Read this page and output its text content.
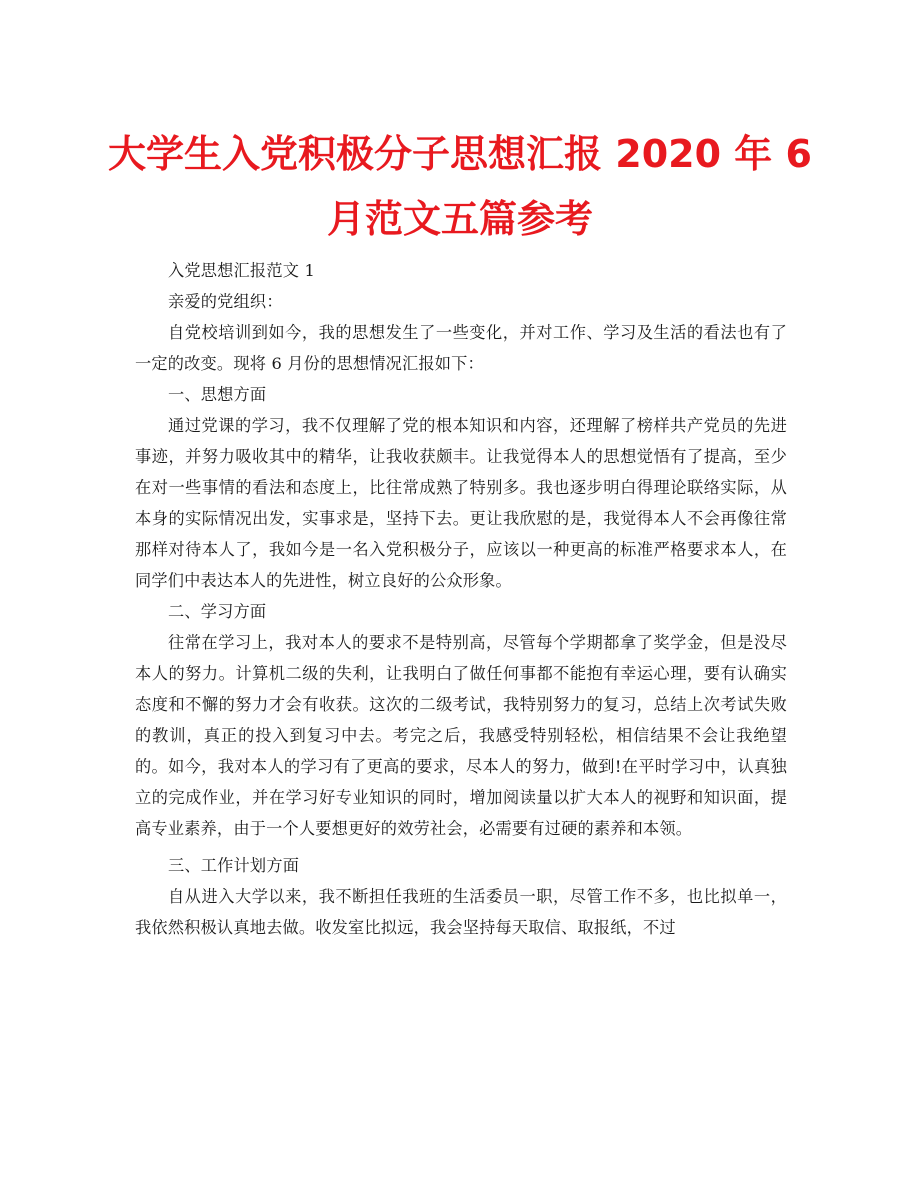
大学生入党积极分子思想汇报 2020 年 6
月范文五篇参考

入党思想汇报范文 1

亲爱的党组织：

自党校培训到如今，我的思想发生了一些变化，并对工作、学习及生活的看法也有了一定的改变。现将 6 月份的思想情况汇报如下：

一、思想方面

通过党课的学习，我不仅理解了党的根本知识和内容，还理解了榜样共产党员的先进事迹，并努力吸收其中的精华，让我收获颇丰。让我觉得本人的思想觉悟有了提高，至少在对一些事情的看法和态度上，比往常成熟了特别多。我也逐步明白得理论联络实际，从本身的实际情况出发，实事求是，坚持下去。更让我欣慰的是，我觉得本人不会再像往常那样对待本人了，我如今是一名入党积极分子，应该以一种更高的标准严格要求本人，在同学们中表达本人的先进性，树立良好的公众形象。

二、学习方面

往常在学习上，我对本人的要求不是特别高，尽管每个学期都拿了奖学金，但是没尽本人的努力。计算机二级的失利，让我明白了做任何事都不能抱有幸运心理，要有认确实态度和不懈的努力才会有收获。这次的二级考试，我特别努力的复习，总结上次考试失败的教训，真正的投入到复习中去。考完之后，我感受特别轻松，相信结果不会让我绝望的。如今，我对本人的学习有了更高的要求，尽本人的努力，做到!在平时学习中，认真独立的完成作业，并在学习好专业知识的同时，增加阅读量以扩大本人的视野和知识面，提高专业素养，由于一个人要想更好的效劳社会，必需要有过硬的素养和本领。

三、工作计划方面

自从进入大学以来，我不断担任我班的生活委员一职，尽管工作不多，也比拟单一，我依然积极认真地去做。收发室比拟远，我会坚持每天取信、取报纸，不过
